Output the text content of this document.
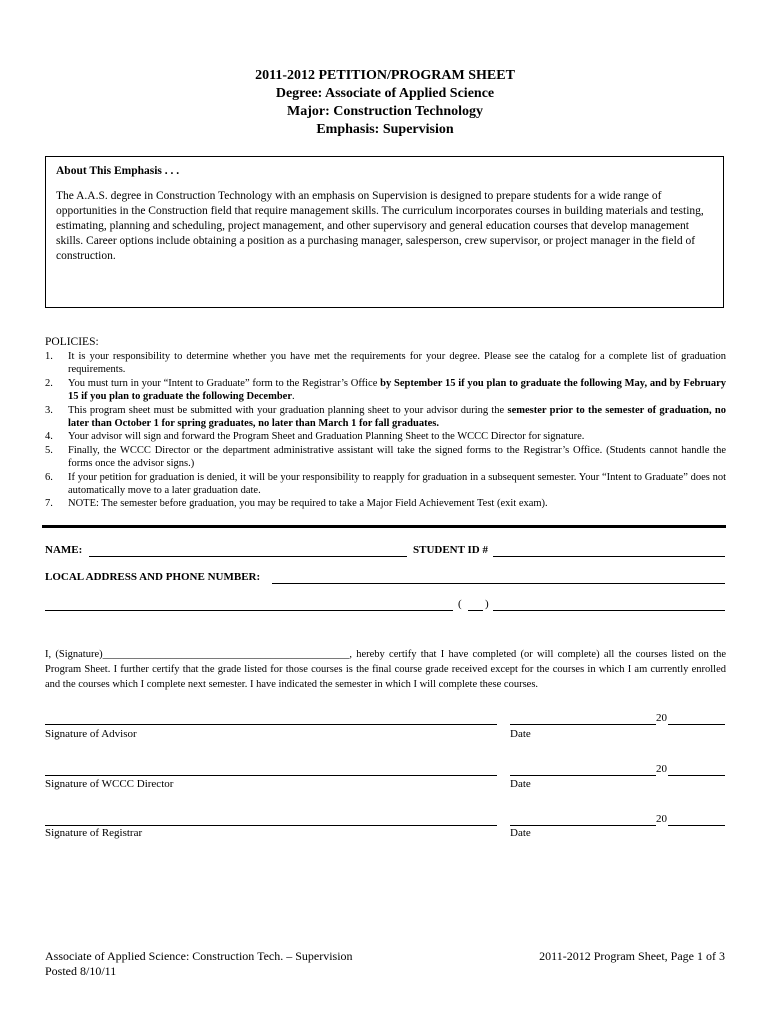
2011-2012 PETITION/PROGRAM SHEET
Degree: Associate of Applied Science
Major: Construction Technology
Emphasis: Supervision

About This Emphasis . . .

The A.A.S. degree in Construction Technology with an emphasis on Supervision is designed to prepare students for a wide range of opportunities in the Construction field that require management skills. The curriculum incorporates courses in building materials and testing, estimating, planning and scheduling, project management, and other supervisory and general education courses that develop management skills. Career options include obtaining a position as a purchasing manager, salesperson, crew supervisor, or project manager in the field of construction.

POLICIES:
1. It is your responsibility to determine whether you have met the requirements for your degree. Please see the catalog for a complete list of graduation requirements.
2. You must turn in your “Intent to Graduate” form to the Registrar’s Office by September 15 if you plan to graduate the following May, and by February 15 if you plan to graduate the following December.
3. This program sheet must be submitted with your graduation planning sheet to your advisor during the semester prior to the semester of graduation, no later than October 1 for spring graduates, no later than March 1 for fall graduates.
4. Your advisor will sign and forward the Program Sheet and Graduation Planning Sheet to the WCCC Director for signature.
5. Finally, the WCCC Director or the department administrative assistant will take the signed forms to the Registrar’s Office. (Students cannot handle the forms once the advisor signs.)
6. If your petition for graduation is denied, it will be your responsibility to reapply for graduation in a subsequent semester. Your “Intent to Graduate” does not automatically move to a later graduation date.
7. NOTE: The semester before graduation, you may be required to take a Major Field Achievement Test (exit exam).
NAME:	STUDENT ID #
LOCAL ADDRESS AND PHONE NUMBER:
( )
I, (Signature)_______________________________________________, hereby certify that I have completed (or will complete) all the courses listed on the Program Sheet. I further certify that the grade listed for those courses is the final course grade received except for the courses in which I am currently enrolled and the courses which I complete next semester. I have indicated the semester in which I will complete these courses.
20
Signature of Advisor	Date
20
Signature of WCCC Director	Date
20
Signature of Registrar	Date
Associate of Applied Science: Construction Tech. – Supervision
Posted 8/10/11
2011-2012 Program Sheet, Page 1 of 3
